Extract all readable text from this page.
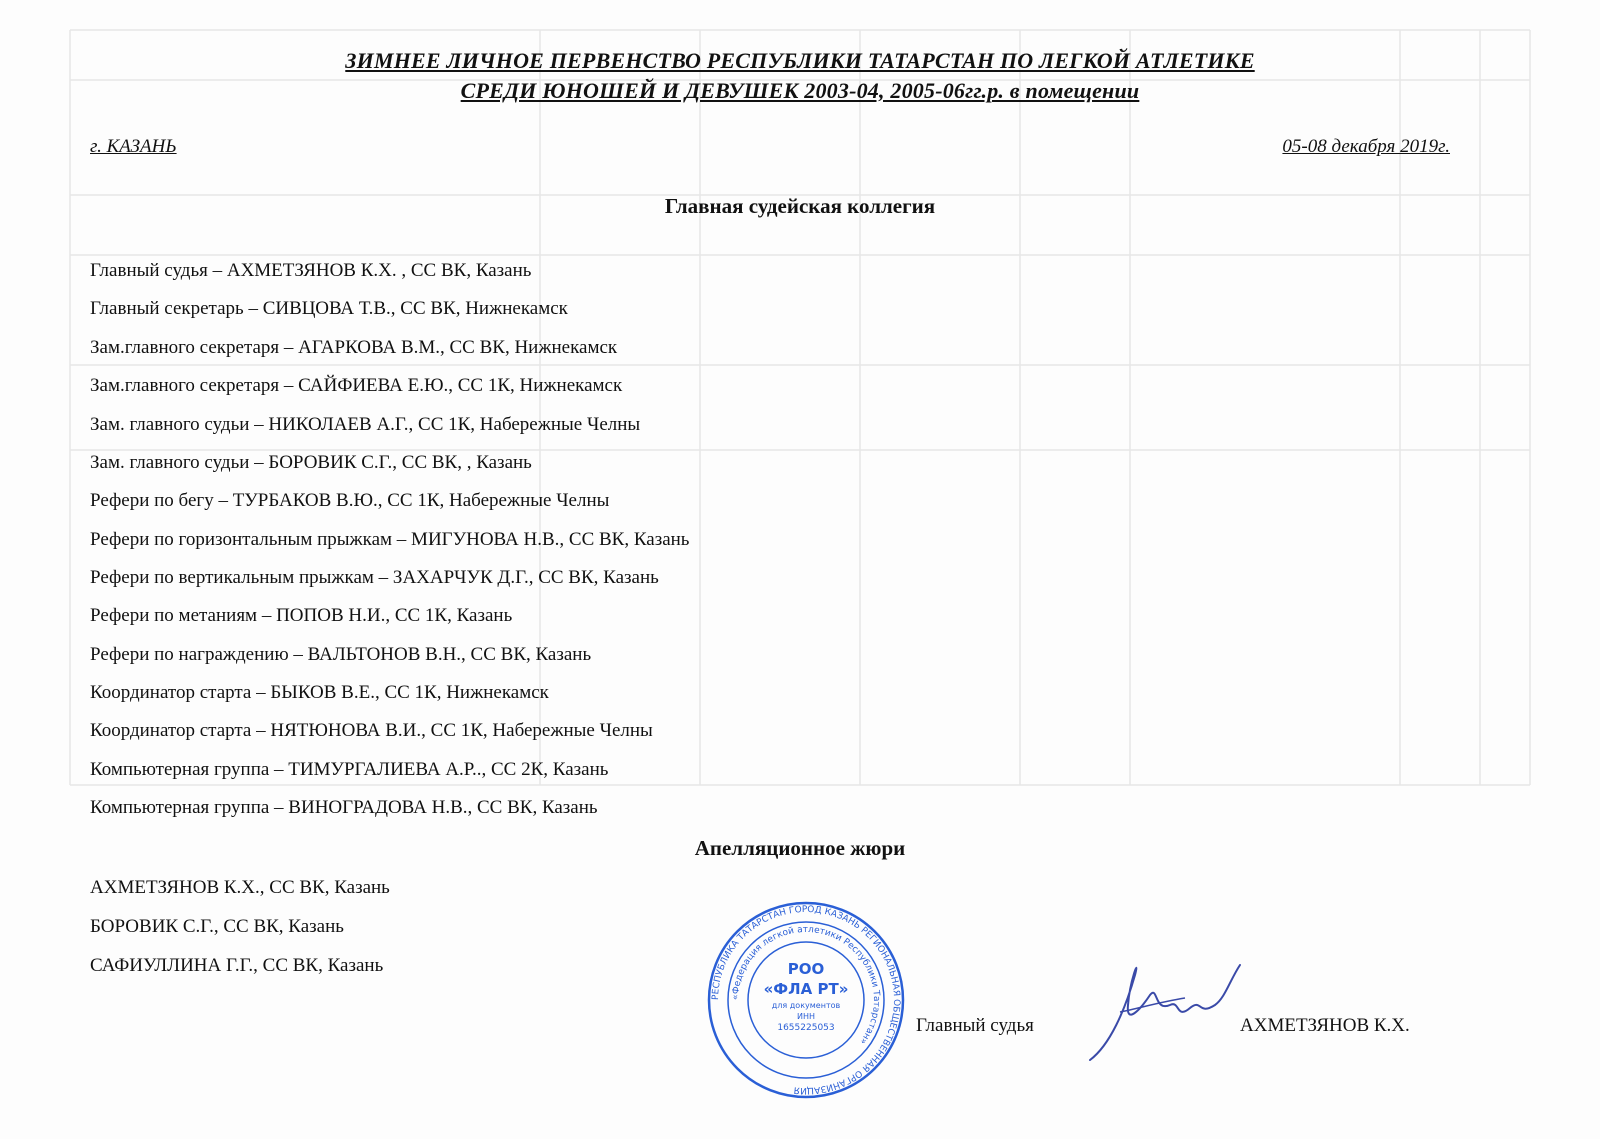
ЗИМНЕЕ ЛИЧНОЕ ПЕРВЕНСТВО РЕСПУБЛИКИ ТАТАРСТАН ПО ЛЕГКОЙ АТЛЕТИКЕ
СРЕДИ ЮНОШЕЙ И ДЕВУШЕК 2003-04, 2005-06гг.р. в помещении
г. КАЗАНЬ	05-08 декабря 2019г.
Главная судейская коллегия
Главный судья – АХМЕТЗЯНОВ К.Х. , СС ВК, Казань
Главный секретарь – СИВЦОВА Т.В., СС ВК, Нижнекамск
Зам.главного секретаря – АГАРКОВА В.М., СС ВК, Нижнекамск
Зам.главного секретаря – САЙФИЕВА Е.Ю., СС 1К, Нижнекамск
Зам. главного судьи – НИКОЛАЕВ А.Г., СС 1К, Набережные Челны
Зам. главного судьи – БОРОВИК С.Г., СС ВК, , Казань
Рефери по бегу – ТУРБАКОВ В.Ю., СС 1К, Набережные Челны
Рефери по горизонтальным прыжкам – МИГУНОВА Н.В., СС ВК, Казань
Рефери по вертикальным прыжкам – ЗАХАРЧУК Д.Г., СС ВК, Казань
Рефери по метаниям – ПОПОВ Н.И., СС 1К, Казань
Рефери по награждению – ВАЛЬТОНОВ В.Н., СС ВК, Казань
Координатор старта – БЫКОВ В.Е., СС 1К, Нижнекамск
Координатор старта – НЯТЮНОВА В.И., СС 1К, Набережные Челны
Компьютерная группа – ТИМУРГАЛИЕВА А.Р.., СС 2К, Казань
Компьютерная группа – ВИНОГРАДОВА Н.В., СС ВК, Казань
Апелляционное жюри
АХМЕТЗЯНОВ К.Х., СС ВК, Казань
БОРОВИК С.Г., СС ВК, Казань
САФИУЛЛИНА Г.Г., СС ВК, Казань
РЕСПУБЛИКА ТАТАРСТАН ГОРОД КАЗАНЬ РЕГИОНАЛЬНАЯ ОБЩЕСТВЕННАЯ ОРГАНИЗАЦИЯ
«Федерация легкой атлетики Республики Татарстан»
РОО
«ФЛА РТ»
для документов
ИНН
1655225053	Главный судья	АХМЕТЗЯНОВ К.Х.
